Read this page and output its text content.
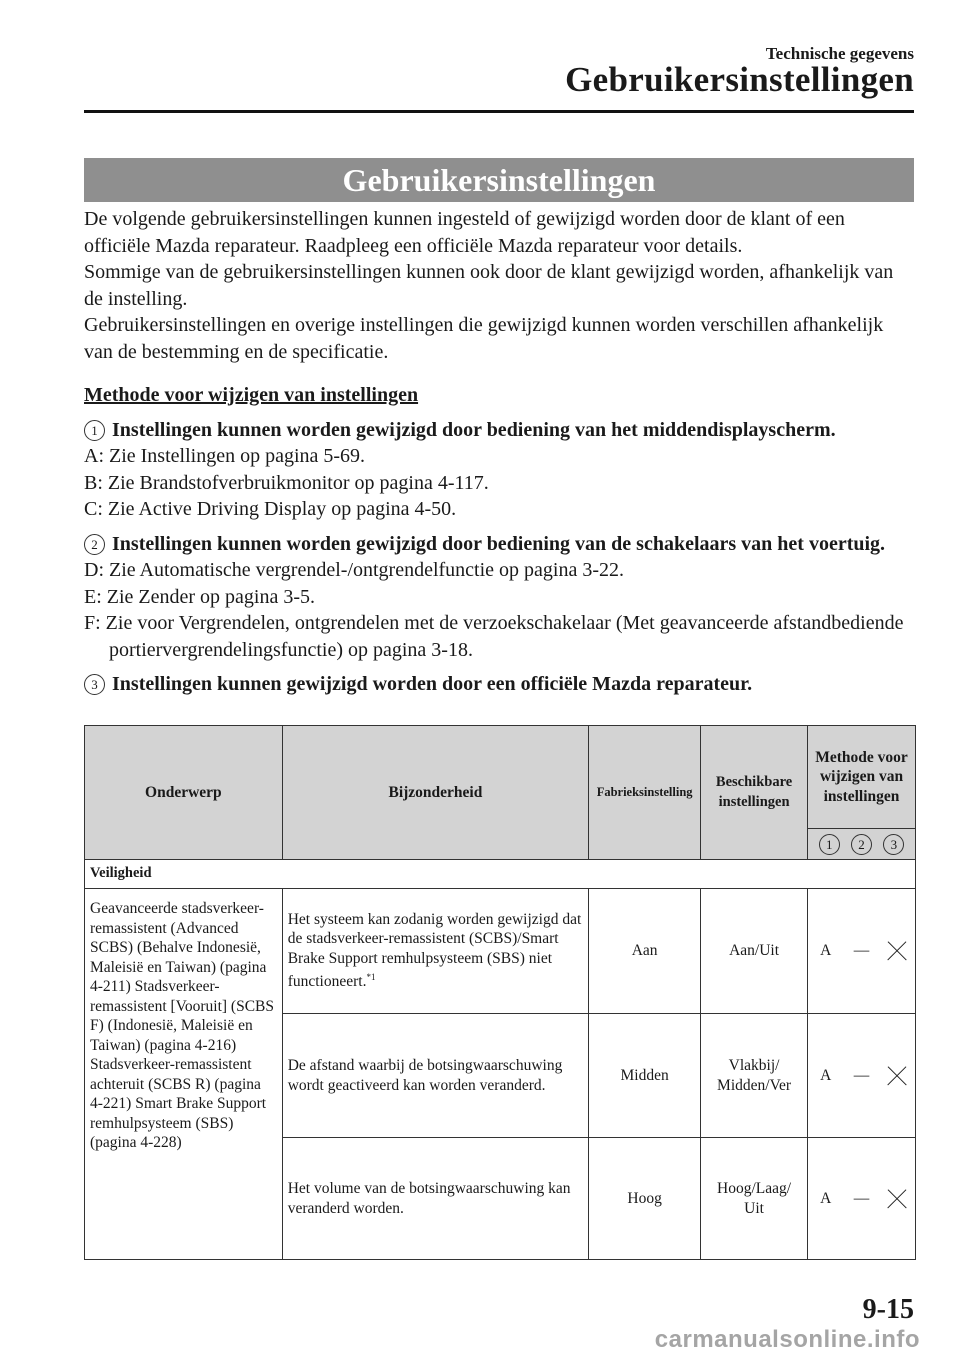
Technische gegevens
Gebruikersinstellingen
Gebruikersinstellingen

De volgende gebruikersinstellingen kunnen ingesteld of gewijzigd worden door de klant of een officiële Mazda reparateur. Raadpleeg een officiële Mazda reparateur voor details.

Sommige van de gebruikersinstellingen kunnen ook door de klant gewijzigd worden, afhankelijk van de instelling.

Gebruikersinstellingen en overige instellingen die gewijzigd kunnen worden verschillen afhankelijk van de bestemming en de specificatie.

Methode voor wijzigen van instellingen

1 Instellingen kunnen worden gewijzigd door bediening van het middendisplayscherm.

A: Zie Instellingen op pagina 5-69.

B: Zie Brandstofverbruikmonitor op pagina 4-117.

C: Zie Active Driving Display op pagina 4-50.

2 Instellingen kunnen worden gewijzigd door bediening van de schakelaars van het voertuig.

D: Zie Automatische vergrendel-/ontgrendelfunctie op pagina 3-22.

E: Zie Zender op pagina 3-5.

F: Zie voor Vergrendelen, ontgrendelen met de verzoekschakelaar (Met geavanceerde afstandbediende portiervergrendelingsfunctie) op pagina 3-18.

3 Instellingen kunnen gewijzigd worden door een officiële Mazda reparateur.
Onderwerp	Bijzonderheid	Fabrieksinstelling	Beschikbare instellingen	Methode voor wijzigen van instellingen		

				1 2 3		

Veiligheid						
Geavanceerde stadsverkeer-remassistent (Advanced SCBS) (Behalve Indonesië, Maleisië en Taiwan) (pagina 4-211) Stadsverkeer-remassistent [Vooruit] (SCBS F) (Indonesië, Maleisië en Taiwan) (pagina 4-216) Stadsverkeer-remassistent achteruit (SCBS R) (pagina 4-221) Smart Brake Support remhulpsysteem (SBS) (pagina 4-228)	Het systeem kan zodanig worden gewijzigd dat de stadsverkeer-remassistent (SCBS)/Smart Brake Support remhulpsysteem (SBS) niet functioneert.$^{*1}$	Aan	Aan/Uit	A	—	
	De afstand waarbij de botsingwaarschuwing wordt geactiveerd kan worden veranderd.	Midden	Vlakbij/ Midden/Ver	A	—	
	Het volume van de botsingwaarschuwing kan veranderd worden.	Hoog	Hoog/Laag/ Uit	A	—	
9-15
carmanualsonline.info
